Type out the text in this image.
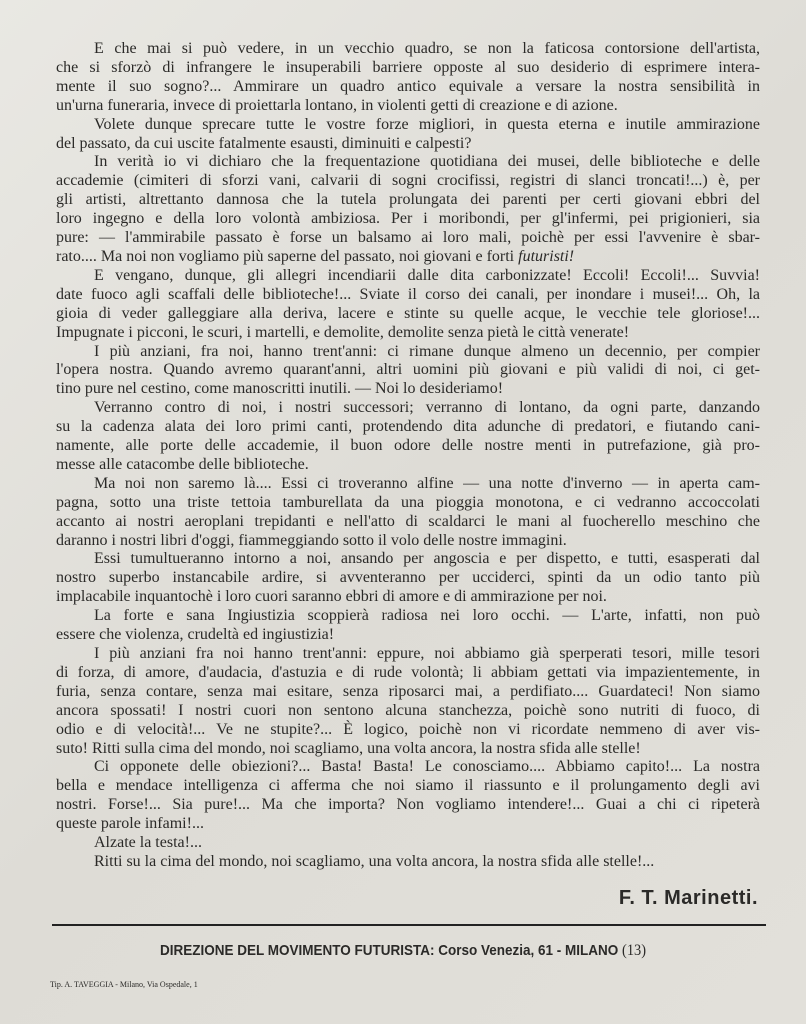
E che mai si può vedere, in un vecchio quadro, se non la faticosa contorsione dell'artista,
che si sforzò di infrangere le insuperabili barriere opposte al suo desiderio di esprimere intera-
mente il suo sogno?... Ammirare un quadro antico equivale a versare la nostra sensibilità in
un'urna funeraria, invece di proiettarla lontano, in violenti getti di creazione e di azione.
Volete dunque sprecare tutte le vostre forze migliori, in questa eterna e inutile ammirazione
del passato, da cui uscite fatalmente esausti, diminuiti e calpesti?
In verità io vi dichiaro che la frequentazione quotidiana dei musei, delle biblioteche e delle
accademie (cimiteri di sforzi vani, calvarii di sogni crocifissi, registri di slanci troncati!...) è, per
gli artisti, altrettanto dannosa che la tutela prolungata dei parenti per certi giovani ebbri del
loro ingegno e della loro volontà ambiziosa. Per i moribondi, per gl'infermi, pei prigionieri, sia
pure: — l'ammirabile passato è forse un balsamo ai loro mali, poichè per essi l'avvenire è sbar-
rato.... Ma noi non vogliamo più saperne del passato, noi giovani e forti futuristi!
E vengano, dunque, gli allegri incendiarii dalle dita carbonizzate! Eccoli! Eccoli!... Suvvia!
date fuoco agli scaffali delle biblioteche!... Sviate il corso dei canali, per inondare i musei!... Oh, la
gioia di veder galleggiare alla deriva, lacere e stinte su quelle acque, le vecchie tele gloriose!...
Impugnate i picconi, le scuri, i martelli, e demolite, demolite senza pietà le città venerate!
I più anziani, fra noi, hanno trent'anni: ci rimane dunque almeno un decennio, per compier
l'opera nostra. Quando avremo quarant'anni, altri uomini più giovani e più validi di noi, ci get-
tino pure nel cestino, come manoscritti inutili. — Noi lo desideriamo!
Verranno contro di noi, i nostri successori; verranno di lontano, da ogni parte, danzando
su la cadenza alata dei loro primi canti, protendendo dita adunche di predatori, e fiutando cani-
namente, alle porte delle accademie, il buon odore delle nostre menti in putrefazione, già pro-
messe alle catacombe delle biblioteche.
Ma noi non saremo là.... Essi ci troveranno alfine — una notte d'inverno — in aperta cam-
pagna, sotto una triste tettoia tamburellata da una pioggia monotona, e ci vedranno accoccolati
accanto ai nostri aeroplani trepidanti e nell'atto di scaldarci le mani al fuocherello meschino che
daranno i nostri libri d'oggi, fiammeggiando sotto il volo delle nostre immagini.
Essi tumultueranno intorno a noi, ansando per angoscia e per dispetto, e tutti, esasperati dal
nostro superbo instancabile ardire, si avventeranno per ucciderci, spinti da un odio tanto più
implacabile inquantochè i loro cuori saranno ebbri di amore e di ammirazione per noi.
La forte e sana Ingiustizia scoppierà radiosa nei loro occhi. — L'arte, infatti, non può
essere che violenza, crudeltà ed ingiustizia!
I più anziani fra noi hanno trent'anni: eppure, noi abbiamo già sperperati tesori, mille tesori
di forza, di amore, d'audacia, d'astuzia e di rude volontà; li abbiam gettati via impazientemente, in
furia, senza contare, senza mai esitare, senza riposarci mai, a perdifiato.... Guardateci! Non siamo
ancora spossati! I nostri cuori non sentono alcuna stanchezza, poichè sono nutriti di fuoco, di
odio e di velocità!... Ve ne stupite?... È logico, poichè non vi ricordate nemmeno di aver vis-
suto! Ritti sulla cima del mondo, noi scagliamo, una volta ancora, la nostra sfida alle stelle!
Ci opponete delle obiezioni?... Basta! Basta! Le conosciamo.... Abbiamo capito!... La nostra
bella e mendace intelligenza ci afferma che noi siamo il riassunto e il prolungamento degli avi
nostri. Forse!... Sia pure!... Ma che importa? Non vogliamo intendere!... Guai a chi ci ripeterà
queste parole infami!...
Alzate la testa!...
Ritti su la cima del mondo, noi scagliamo, una volta ancora, la nostra sfida alle stelle!...
F. T. Marinetti.
DIREZIONE DEL MOVIMENTO FUTURISTA: Corso Venezia, 61 - MILANO (13)
Tip. A. TAVEGGIA - Milano, Via Ospedale, 1
